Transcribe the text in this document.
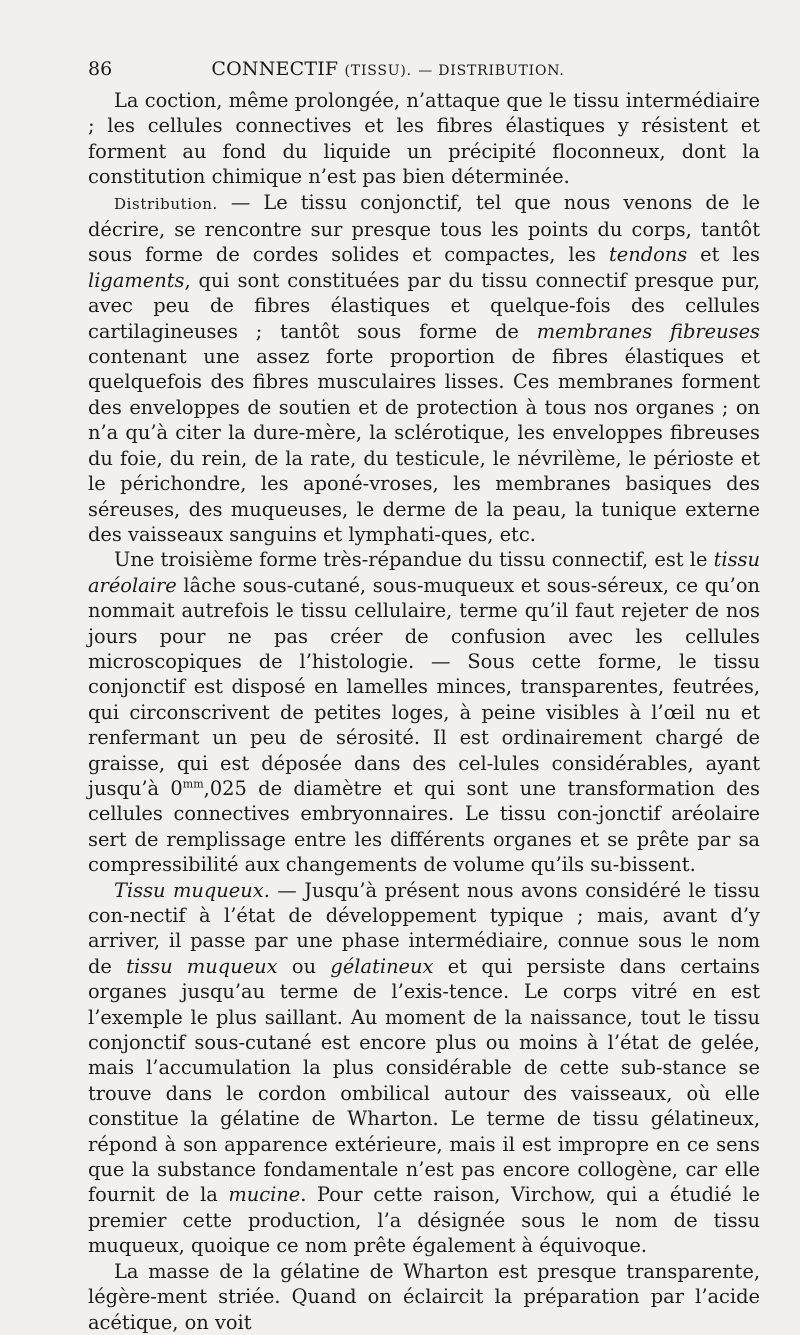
86	CONNECTIF (TISSU). — DISTRIBUTION.

La coction, même prolongée, n’attaque que le tissu intermédiaire ; les cellules connectives et les fibres élastiques y résistent et forment au fond du liquide un précipité floconneux, dont la constitution chimique n’est pas bien déterminée.

Distribution. — Le tissu conjonctif, tel que nous venons de le décrire, se rencontre sur presque tous les points du corps, tantôt sous forme de cordes solides et compactes, les tendons et les ligaments, qui sont constituées par du tissu connectif presque pur, avec peu de fibres élastiques et quelque-fois des cellules cartilagineuses ; tantôt sous forme de membranes fibreuses contenant une assez forte proportion de fibres élastiques et quelquefois des fibres musculaires lisses. Ces membranes forment des enveloppes de soutien et de protection à tous nos organes ; on n’a qu’à citer la dure-mère, la sclérotique, les enveloppes fibreuses du foie, du rein, de la rate, du testicule, le névrilème, le périoste et le périchondre, les aponé-vroses, les membranes basiques des séreuses, des muqueuses, le derme de la peau, la tunique externe des vaisseaux sanguins et lymphati-ques, etc.

Une troisième forme très-répandue du tissu connectif, est le tissu aréolaire lâche sous-cutané, sous-muqueux et sous-séreux, ce qu’on nommait autrefois le tissu cellulaire, terme qu’il faut rejeter de nos jours pour ne pas créer de confusion avec les cellules microscopiques de l’histologie. — Sous cette forme, le tissu conjonctif est disposé en lamelles minces, transparentes, feutrées, qui circonscrivent de petites loges, à peine visibles à l’œil nu et renfermant un peu de sérosité. Il est ordinairement chargé de graisse, qui est déposée dans des cel-lules considérables, ayant jusqu’à $0^{mm},025$ de diamètre et qui sont une transformation des cellules connectives embryonnaires. Le tissu con-jonctif aréolaire sert de remplissage entre les différents organes et se prête par sa compressibilité aux changements de volume qu’ils su-bissent.

Tissu muqueux. — Jusqu’à présent nous avons considéré le tissu con-nectif à l’état de développement typique ; mais, avant d’y arriver, il passe par une phase intermédiaire, connue sous le nom de tissu muqueux ou gélatineux et qui persiste dans certains organes jusqu’au terme de l’exis-tence. Le corps vitré en est l’exemple le plus saillant. Au moment de la naissance, tout le tissu conjonctif sous-cutané est encore plus ou moins à l’état de gelée, mais l’accumulation la plus considérable de cette sub-stance se trouve dans le cordon ombilical autour des vaisseaux, où elle constitue la gélatine de Wharton. Le terme de tissu gélatineux, répond à son apparence extérieure, mais il est impropre en ce sens que la substance fondamentale n’est pas encore collogène, car elle fournit de la mucine. Pour cette raison, Virchow, qui a étudié le premier cette production, l’a désignée sous le nom de tissu muqueux, quoique ce nom prête également à équivoque.

La masse de la gélatine de Wharton est presque transparente, légère-ment striée. Quand on éclaircit la préparation par l’acide acétique, on voit
